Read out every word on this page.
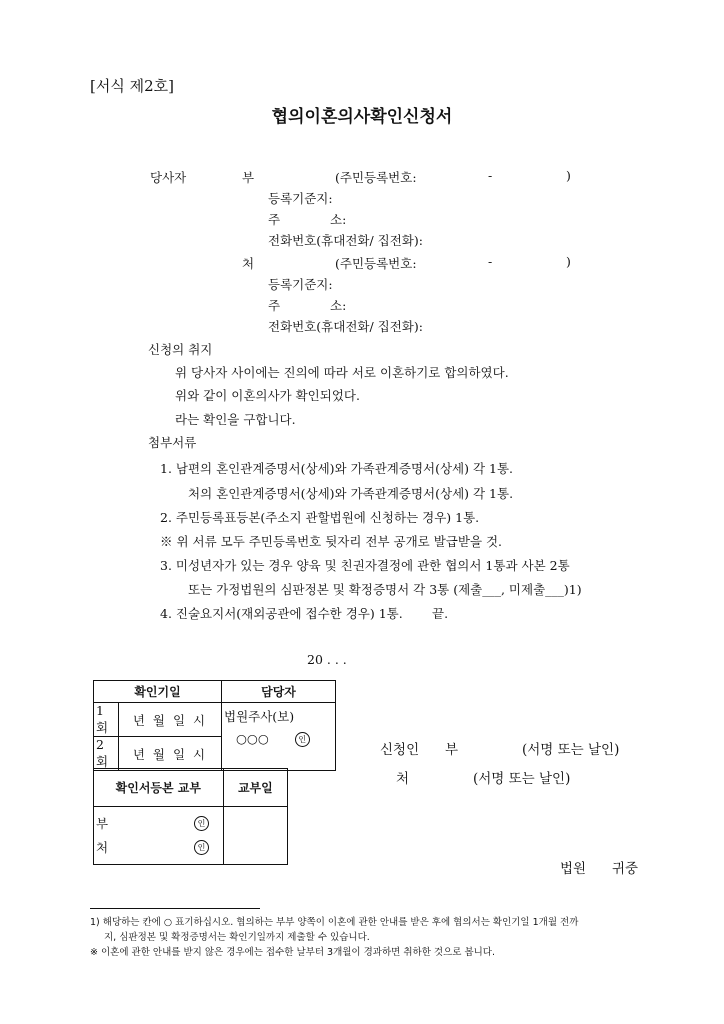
[서식 제2호]
협의이혼의사확인신청서
당사자	부	(주민등록번호:	-	)
등록기준지:
주	소:
전화번호(휴대전화/ 집전화):
처	(주민등록번호:	-	)
등록기준지:
주	소:
전화번호(휴대전화/ 집전화):
신청의 취지
위 당사자 사이에는 진의에 따라 서로 이혼하기로 합의하였다.
위와 같이 이혼의사가 확인되었다.
라는 확인을 구합니다.
첨부서류
1. 남편의 혼인관계증명서(상세)와 가족관계증명서(상세) 각 1통.
처의 혼인관계증명서(상세)와 가족관계증명서(상세) 각 1통.
2. 주민등록표등본(주소지 관할법원에 신청하는 경우) 1통.
※ 위 서류 모두 주민등록번호 뒷자리 전부 공개로 발급받을 것.
3. 미성년자가 있는 경우 양육 및 친권자결정에 관한 협의서 1통과 사본 2통
또는 가정법원의 심판정본 및 확정증명서 각 3통 (제출___, 미제출___)1)
4. 진술요지서(재외공관에 접수한 경우) 1통. 끝.
20 . . .
확인기일		담당자
1회	년 월 일 시	법원주사(보)
○○○ 인

2회	년 월 일 시	
확인서등본 교부	교부일

부 인
처 인	

신청인 부	(서명 또는 날인)
처	(서명 또는 날인)
법원 귀중
1) 해당하는 칸에 ○ 표기하십시오. 협의하는 부부 양쪽이 이혼에 관한 안내를 받은 후에 협의서는 확인기일 1개월 전까
지, 심판정본 및 확정증명서는 확인기일까지 제출할 수 있습니다.
※ 이혼에 관한 안내를 받지 않은 경우에는 접수한 날부터 3개월이 경과하면 취하한 것으로 봅니다.
